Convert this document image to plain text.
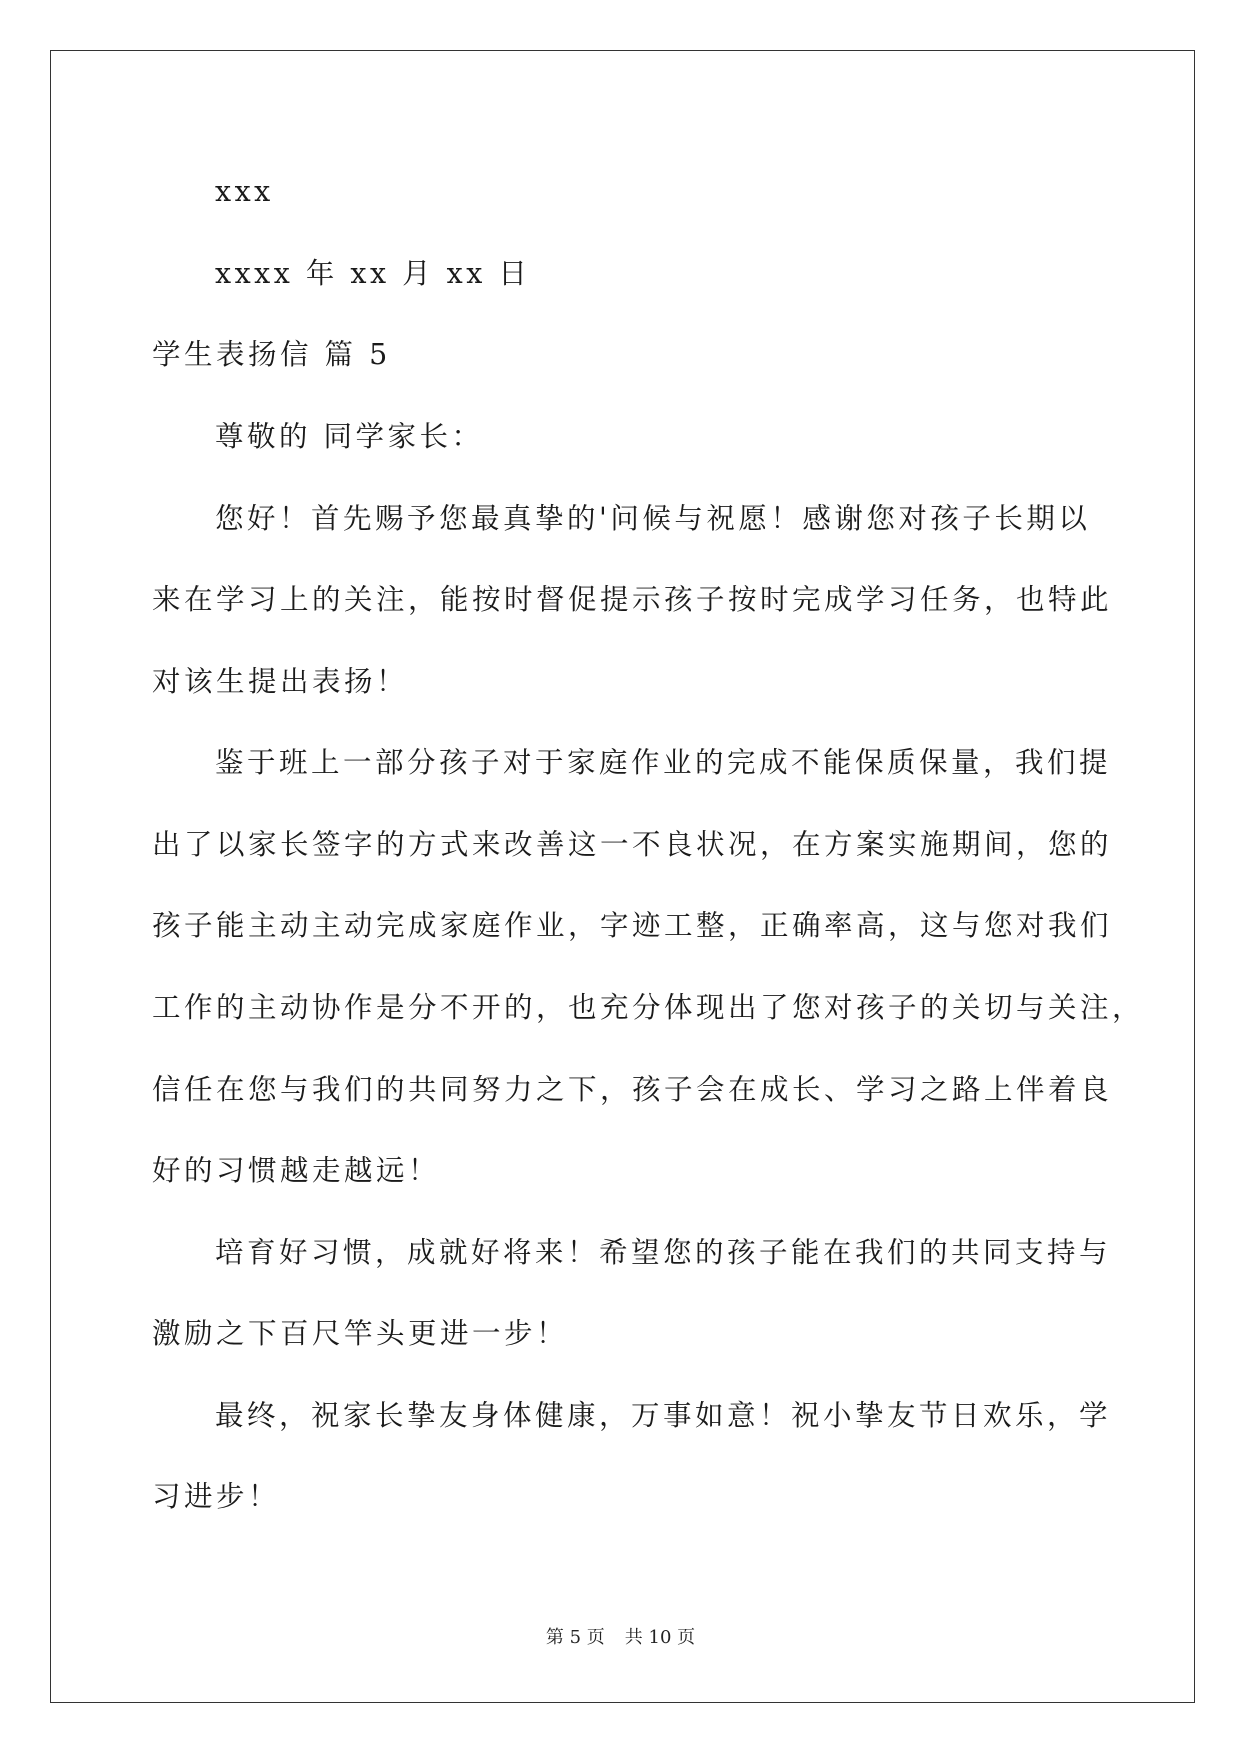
xxx
xxxx 年 xx 月 xx 日
学生表扬信 篇 5
尊敬的 同学家长：
您好！首先赐予您最真挚的'问候与祝愿！感谢您对孩子长期以
来在学习上的关注，能按时督促提示孩子按时完成学习任务，也特此
对该生提出表扬！
鉴于班上一部分孩子对于家庭作业的完成不能保质保量，我们提
出了以家长签字的方式来改善这一不良状况，在方案实施期间，您的
孩子能主动主动完成家庭作业，字迹工整，正确率高，这与您对我们
工作的主动协作是分不开的，也充分体现出了您对孩子的关切与关注，
信任在您与我们的共同努力之下，孩子会在成长、学习之路上伴着良
好的习惯越走越远！
培育好习惯，成就好将来！希望您的孩子能在我们的共同支持与
激励之下百尺竿头更进一步！
最终，祝家长挚友身体健康，万事如意！祝小挚友节日欢乐，学
习进步！
第 5 页 共 10 页
